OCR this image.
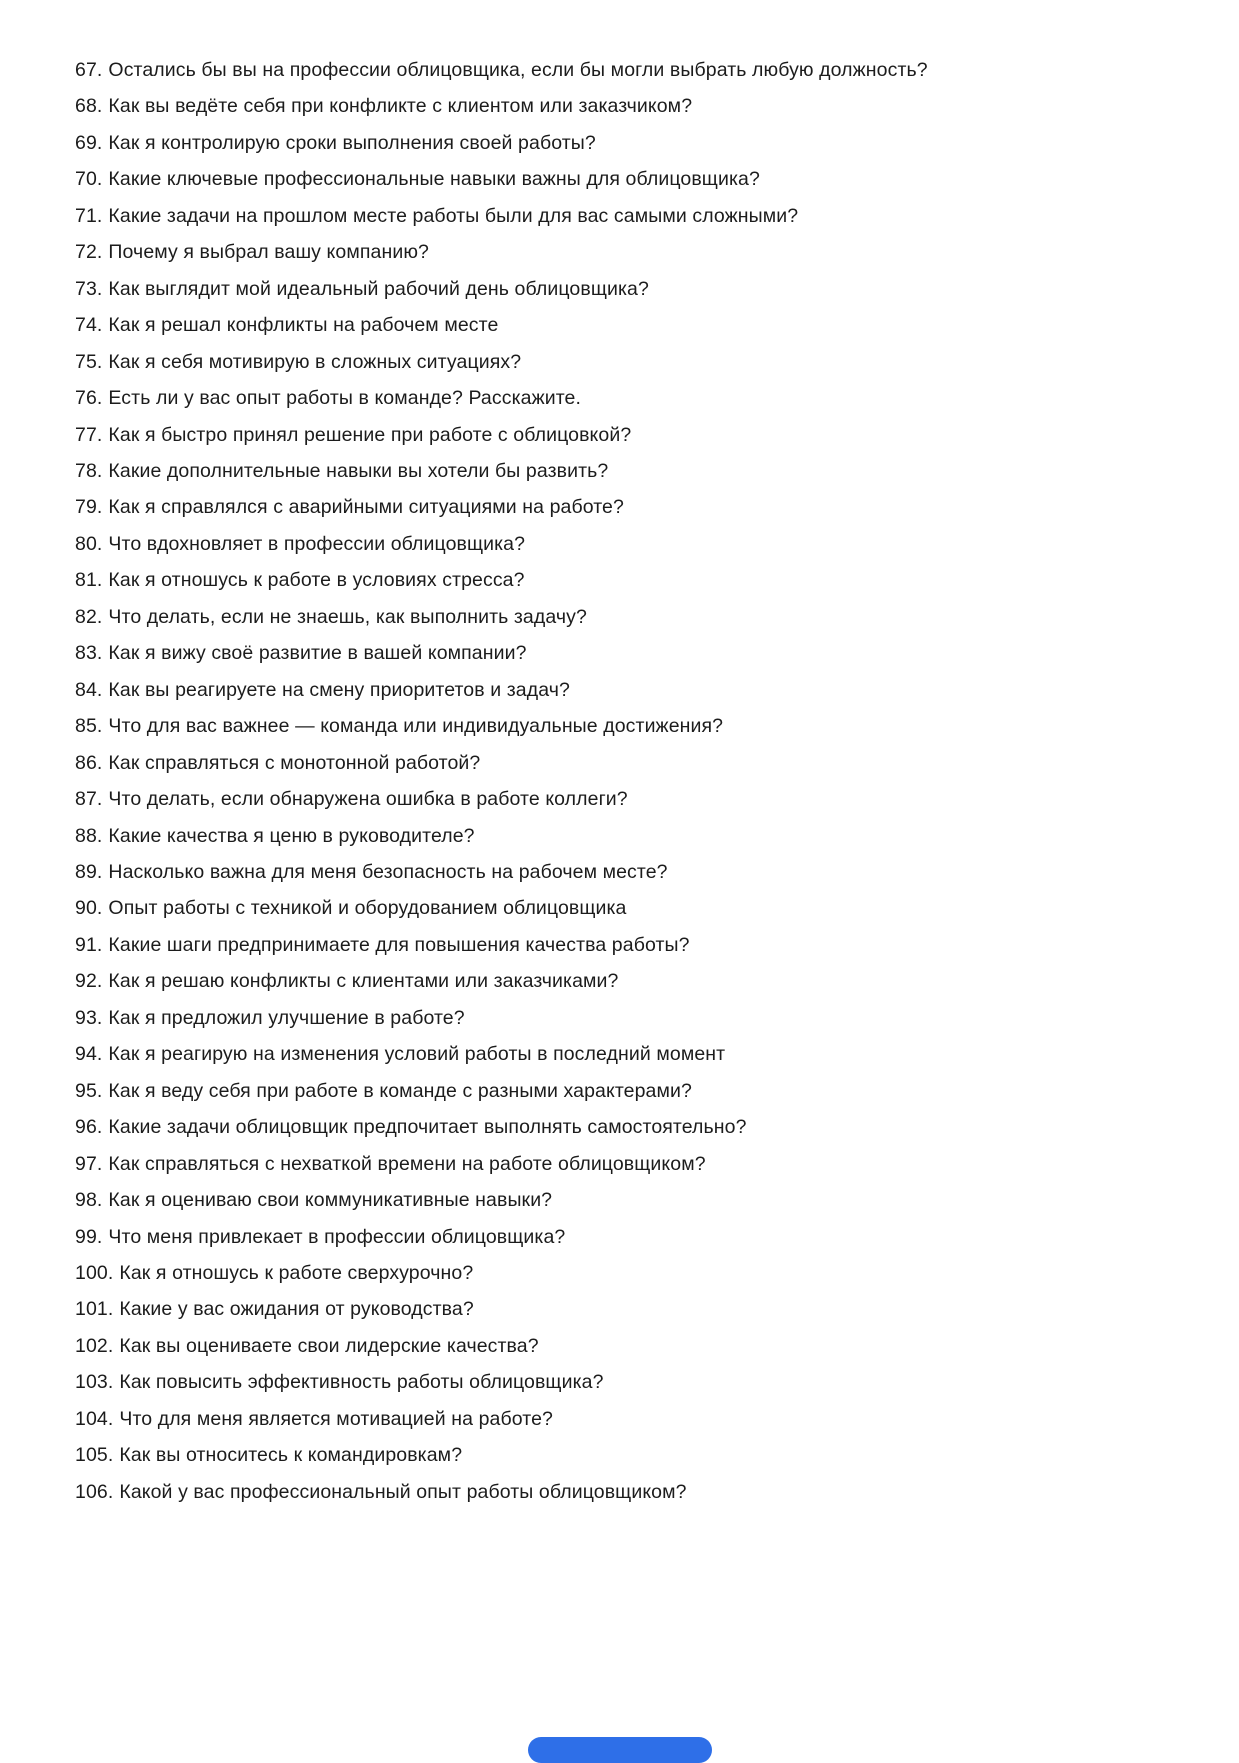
67. Остались бы вы на профессии облицовщика, если бы могли выбрать любую должность?
68. Как вы ведёте себя при конфликте с клиентом или заказчиком?
69. Как я контролирую сроки выполнения своей работы?
70. Какие ключевые профессиональные навыки важны для облицовщика?
71. Какие задачи на прошлом месте работы были для вас самыми сложными?
72. Почему я выбрал вашу компанию?
73. Как выглядит мой идеальный рабочий день облицовщика?
74. Как я решал конфликты на рабочем месте
75. Как я себя мотивирую в сложных ситуациях?
76. Есть ли у вас опыт работы в команде? Расскажите.
77. Как я быстро принял решение при работе с облицовкой?
78. Какие дополнительные навыки вы хотели бы развить?
79. Как я справлялся с аварийными ситуациями на работе?
80. Что вдохновляет в профессии облицовщика?
81. Как я отношусь к работе в условиях стресса?
82. Что делать, если не знаешь, как выполнить задачу?
83. Как я вижу своё развитие в вашей компании?
84. Как вы реагируете на смену приоритетов и задач?
85. Что для вас важнее — команда или индивидуальные достижения?
86. Как справляться с монотонной работой?
87. Что делать, если обнаружена ошибка в работе коллеги?
88. Какие качества я ценю в руководителе?
89. Насколько важна для меня безопасность на рабочем месте?
90. Опыт работы с техникой и оборудованием облицовщика
91. Какие шаги предпринимаете для повышения качества работы?
92. Как я решаю конфликты с клиентами или заказчиками?
93. Как я предложил улучшение в работе?
94. Как я реагирую на изменения условий работы в последний момент
95. Как я веду себя при работе в команде с разными характерами?
96. Какие задачи облицовщик предпочитает выполнять самостоятельно?
97. Как справляться с нехваткой времени на работе облицовщиком?
98. Как я оцениваю свои коммуникативные навыки?
99. Что меня привлекает в профессии облицовщика?
100. Как я отношусь к работе сверхурочно?
101. Какие у вас ожидания от руководства?
102. Как вы оцениваете свои лидерские качества?
103. Как повысить эффективность работы облицовщика?
104. Что для меня является мотивацией на работе?
105. Как вы относитесь к командировкам?
106. Какой у вас профессиональный опыт работы облицовщиком?
